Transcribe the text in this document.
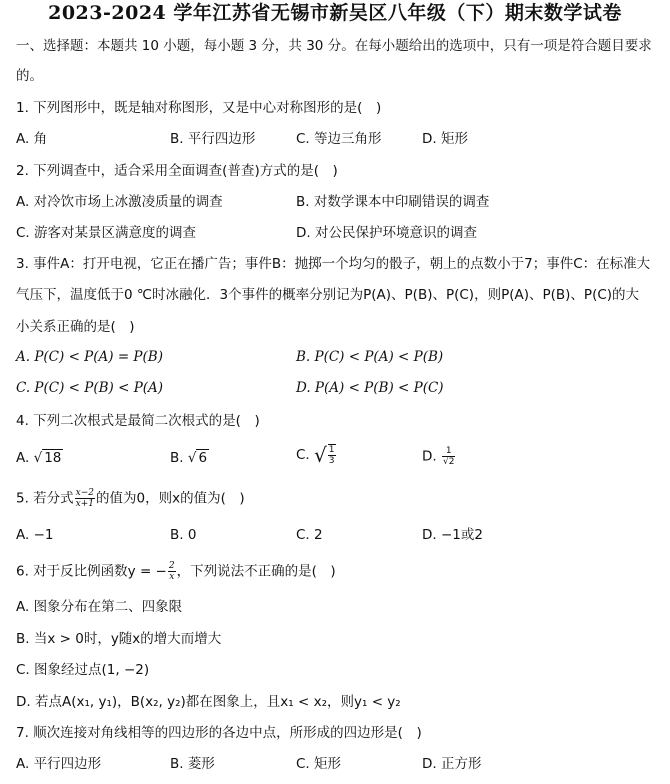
2023-2024 学年江苏省无锡市新吴区八年级（下）期末数学试卷
一、选择题：本题共 10 小题，每小题 3 分，共 30 分。在每小题给出的选项中，只有一项是符合题目要求
的。
1. 下列图形中，既是轴对称图形，又是中心对称图形的是(　)
A. 角	B. 平行四边形	C. 等边三角形	D. 矩形
2. 下列调查中，适合采用全面调查(普查)方式的是(　)
A. 对冷饮市场上冰激凌质量的调查	B. 对数学课本中印刷错误的调查
C. 游客对某景区满意度的调查	D. 对公民保护环境意识的调查
3. 事件A：打开电视，它正在播广告；事件B：抛掷一个均匀的骰子，朝上的点数小于7；事件C：在标准大
气压下，温度低于0 ℃时冰融化．3个事件的概率分别记为P(A)、P(B)、P(C)，则P(A)、P(B)、P(C)的大
小关系正确的是(　)
A. P(C) < P(A) = P(B)	B. P(C) < P(A) < P(B)
C. P(C) < P(B) < P(A)	D. P(A) < P(B) < P(C)
4. 下列二次根式是最简二次根式的是(　)
A. √ 18	B. √ 6	C. √ $\frac{1}{3}$	D. $\frac{1}{√2}$
5. 若分式 $\frac{x-2}{x+1}$ 的值为0，则x的值为(　)
A. −1	B. 0	C. 2	D. −1或2
6. 对于反比例函数y = − $\frac{2}{x}$ ，下列说法不正确的是(　)
A. 图象分布在第二、四象限
B. 当x > 0时，y随x的增大而增大
C. 图象经过点(1, −2)
D. 若点A(x₁, y₁)，B(x₂, y₂)都在图象上，且x₁ < x₂，则y₁ < y₂
7. 顺次连接对角线相等的四边形的各边中点，所形成的四边形是(　)
A. 平行四边形	B. 菱形	C. 矩形	D. 正方形
